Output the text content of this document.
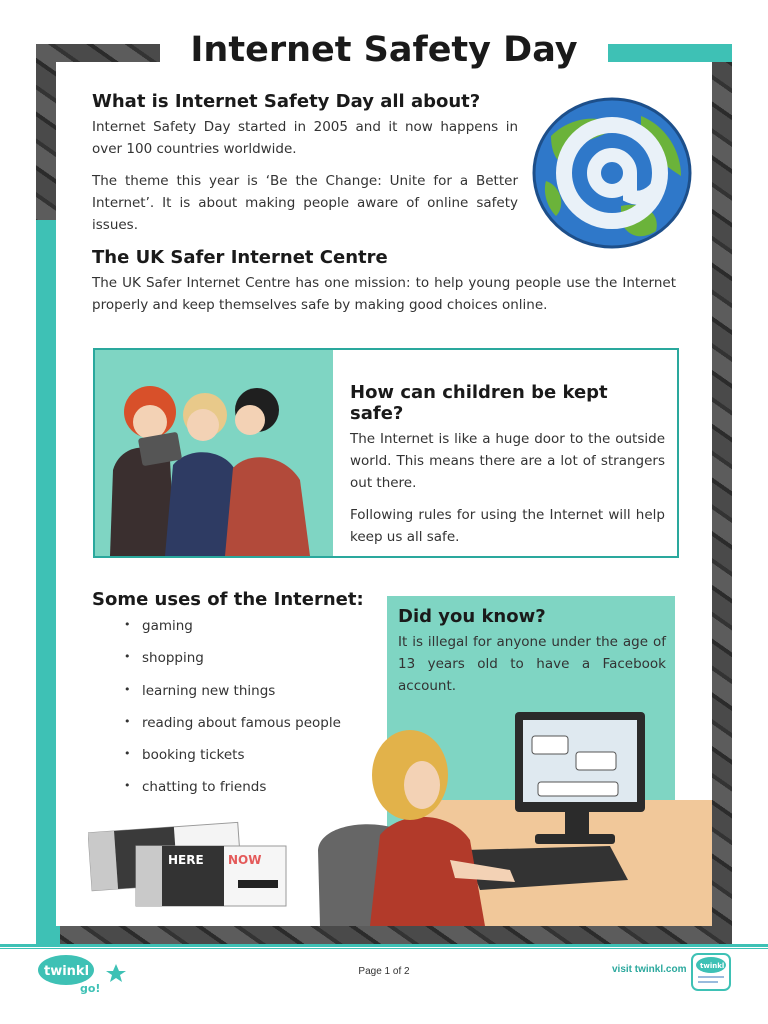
Internet Safety Day
What is Internet Safety Day all about?

Internet Safety Day started in 2005 and it now happens in over 100 countries worldwide.

The theme this year is ‘Be the Change: Unite for a Better Internet’. It is about making people aware of online safety issues.

The UK Safer Internet Centre

The UK Safer Internet Centre has one mission: to help young people use the Internet properly and keep themselves safe by making good choices online.

How can children be kept safe?

The Internet is like a huge door to the outside world. This means there are a lot of strangers out there.

Following rules for using the Internet will help keep us all safe.

Some uses of the Internet:
• gaming
• shopping
• learning new things
• reading about famous people
• booking tickets
• chatting to friends
Did you know?

It is illegal for anyone under the age of 13 years old to have a Facebook account.

HERE NOW
twinkl
go!
Page 1 of 2	visit twinkl.com twinkl
